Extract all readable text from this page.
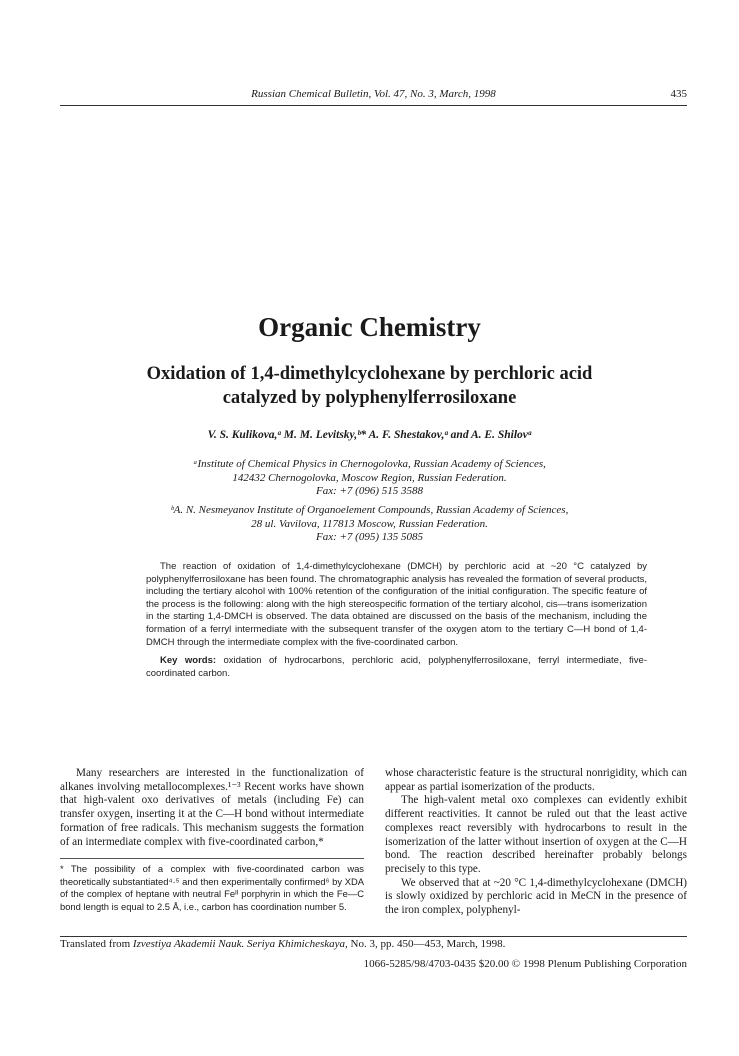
Russian Chemical Bulletin, Vol. 47, No. 3, March, 1998	435
Organic Chemistry
Oxidation of 1,4-dimethylcyclohexane by perchloric acid
catalyzed by polyphenylferrosiloxane
V. S. Kulikova,ᵃ M. M. Levitsky,ᵇ* A. F. Shestakov,ᵃ and A. E. Shilovᵃ
ᵃInstitute of Chemical Physics in Chernogolovka, Russian Academy of Sciences,
142432 Chernogolovka, Moscow Region, Russian Federation.
Fax: +7 (096) 515 3588
ᵇA. N. Nesmeyanov Institute of Organoelement Compounds, Russian Academy of Sciences,
28 ul. Vavilova, 117813 Moscow, Russian Federation.
Fax: +7 (095) 135 5085

The reaction of oxidation of 1,4-dimethylcyclohexane (DMCH) by perchloric acid at ~20 °C catalyzed by polyphenylferrosiloxane has been found. The chromatographic analysis has revealed the formation of several products, including the tertiary alcohol with 100% retention of the configuration of the initial configuration. The specific feature of the process is the following: along with the high stereospecific formation of the tertiary alcohol, cis—trans isomerization in the starting 1,4-DMCH is observed. The data obtained are discussed on the basis of the mechanism, including the formation of a ferryl intermediate with the subsequent transfer of the oxygen atom to the tertiary C—H bond of 1,4-DMCH through the intermediate complex with the five-coordinated carbon.

Key words: oxidation of hydrocarbons, perchloric acid, polyphenylferrosiloxane, ferryl intermediate, five-coordinated carbon.

Many researchers are interested in the functionalization of alkanes involving metallocomplexes.¹⁻³ Recent works have shown that high-valent oxo derivatives of metals (including Fe) can transfer oxygen, inserting it at the C—H bond without intermediate formation of free radicals. This mechanism suggests the formation of an intermediate complex with five-coordinated carbon,*

* The possibility of a complex with five-coordinated carbon was theoretically substantiated⁴·⁵ and then experimentally confirmed⁶ by XDA of the complex of heptane with neutral Feᴵᴵ porphyrin in which the Fe—C bond length is equal to 2.5 Å, i.e., carbon has coordination number 5.

whose characteristic feature is the structural nonrigidity, which can appear as partial isomerization of the products.

The high-valent metal oxo complexes can evidently exhibit different reactivities. It cannot be ruled out that the least active complexes react reversibly with hydrocarbons to result in the isomerization of the latter without insertion of oxygen at the C—H bond. The reaction described hereinafter probably belongs precisely to this type.

We observed that at ~20 °C 1,4-dimethylcyclohexane (DMCH) is slowly oxidized by perchloric acid in MeCN in the presence of the iron complex, polyphenyl-

Translated from Izvestiya Akademii Nauk. Seriya Khimicheskaya, No. 3, pp. 450—453, March, 1998.
1066-5285/98/4703-0435 $20.00 © 1998 Plenum Publishing Corporation
